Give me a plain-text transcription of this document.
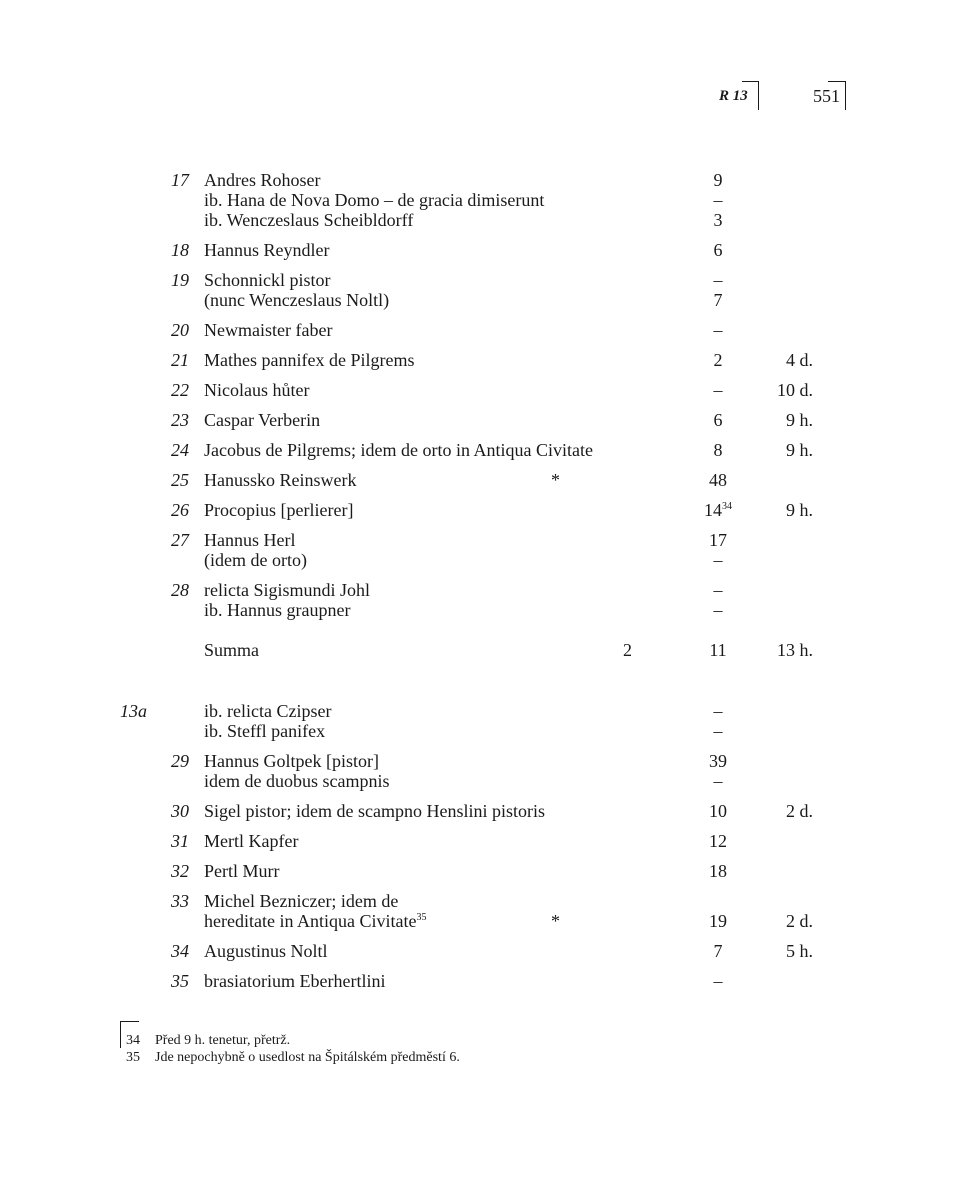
R 13	551
17 Andres Rohoser	9
ib. Hana de Nova Domo – de gracia dimiserunt	–
ib. Wenczeslaus Scheibldorff	3
18 Hannus Reyndler	6
19 Schonnickl pistor	–
(nunc Wenczeslaus Noltl)	7
20 Newmaister faber	–
21 Mathes pannifex de Pilgrems	2	4 d.
22 Nicolaus hůter	–	10 d.
23 Caspar Verberin	6	9 h.
24 Jacobus de Pilgrems; idem de orto in Antiqua Civitate	8	9 h.
25 Hanussko Reinswerk	*	48
26 Procopius [perlierer]	$14^{34}$	9 h.
27 Hannus Herl	17
(idem de orto)	–
28 relicta Sigismundi Johl	–
ib. Hannus graupner	–
Summa	2	11	13 h.
13a	ib. relicta Czipser	–
ib. Steffl panifex	–
29 Hannus Goltpek [pistor]	39
idem de duobus scampnis	–
30 Sigel pistor; idem de scampno Henslini pistoris	10	2 d.
31 Mertl Kapfer	12
32 Pertl Murr	18
33 Michel Bezniczer; idem de
hereditate in Antiqua Civitate$^{35}$	*	19	2 d.
34 Augustinus Noltl	7	5 h.
35 brasiatorium Eberhertlini	–
34 Před 9 h. tenetur, přetrž.
35 Jde nepochybně o usedlost na Špitálském předměstí 6.
